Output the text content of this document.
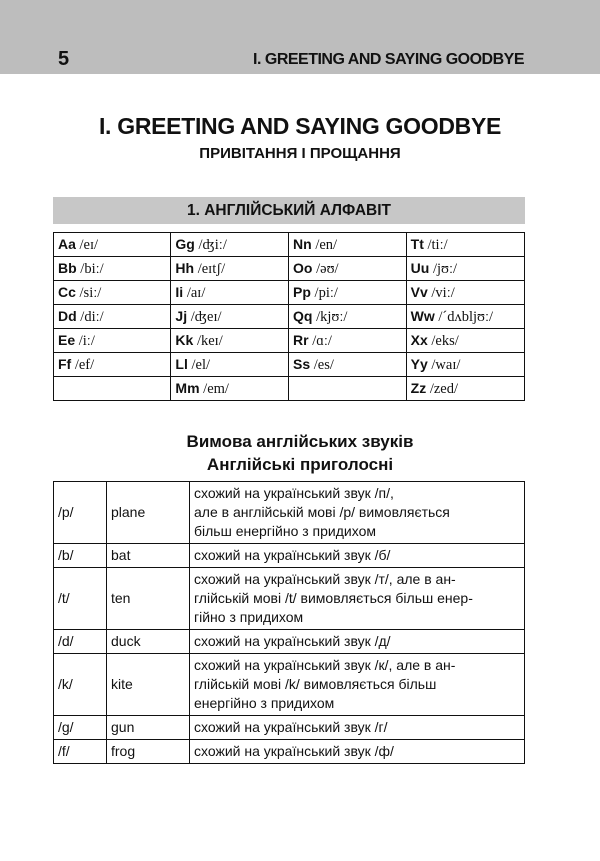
5	I. GREETING AND SAYING GOODBYE
I. GREETING AND SAYING GOODBYE
ПРИВІТАННЯ І ПРОЩАННЯ
1. АНГЛІЙСЬКИЙ АЛФАВІТ
Aa /eɪ/	Gg /ʤiː/	Nn /en/	Tt /tiː/
Bb /biː/	Hh /eɪtʃ/	Oo /əʊ/	Uu /jʊː/
Cc /siː/	Ii /aɪ/	Pp /piː/	Vv /viː/
Dd /diː/	Jj /ʤeɪ/	Qq /kjʊː/	Ww /ˊdʌbljʊː/
Ee /iː/	Kk /keɪ/	Rr /ɑː/	Xx /eks/
Ff /ef/	Ll /el/	Ss /es/	Yy /waɪ/
	Mm /em/		Zz /zed/
Вимова англійських звуків
Англійські приголосні
/p/	plane	схожий на український звук /п/,
але в англійській мові /р/ вимовляється
більш енергійно з придихом

/b/	bat	схожий на український звук /б/

/t/	ten	схожий на український звук /т/, але в ан-
глійській мові /t/ вимовляється більш енер-
гійно з придихом

/d/	duck	схожий на український звук /д/

/k/	kite	схожий на український звук /к/, але в ан-
глійській мові /k/ вимовляється більш
енергійно з придихом

/g/	gun	схожий на український звук /г/

/f/	frog	схожий на український звук /ф/
